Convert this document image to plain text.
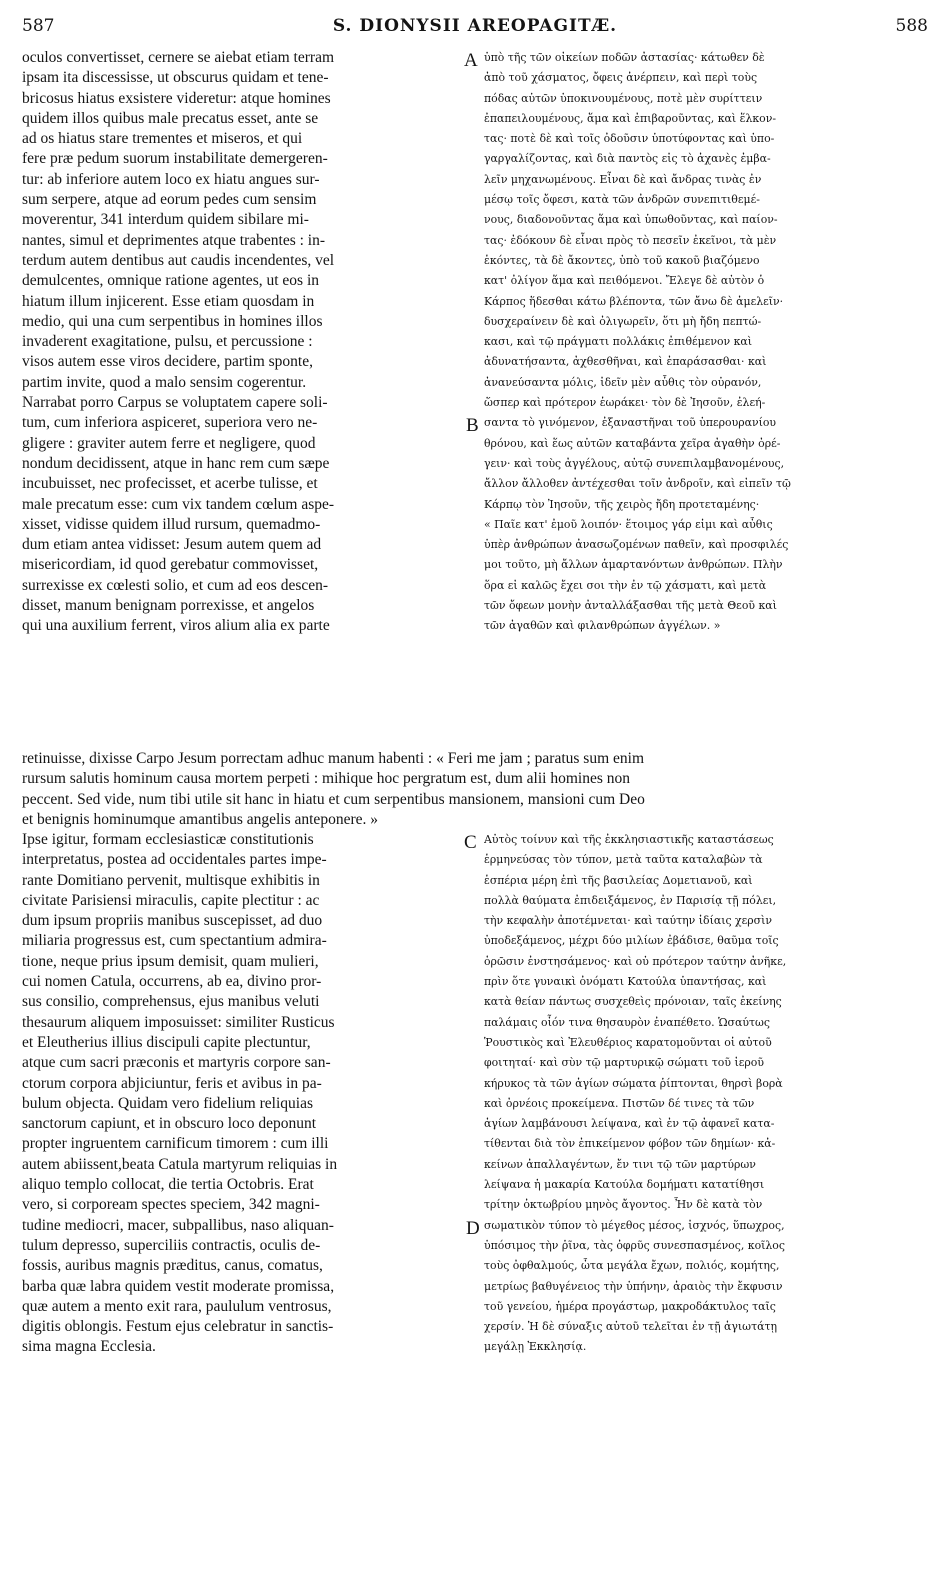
587	S. DIONYSII AREOPAGITÆ.	588
oculos convertisset, cernere se aiebat etiam terram
ipsam ita discessisse, ut obscurus quidam et tene-
bricosus hiatus exsistere videretur: atque homines
quidem illos quibus male precatus esset, ante se
ad os hiatus stare trementes et miseros, et qui
fere præ pedum suorum instabilitate demergeren-
tur: ab inferiore autem loco ex hiatu angues sur-
sum serpere, atque ad eorum pedes cum sensim
moverentur, 341 interdum quidem sibilare mi-
nantes, simul et deprimentes atque trabentes : in-
terdum autem dentibus aut caudis incendentes, vel
demulcentes, omnique ratione agentes, ut eos in
hiatum illum injicerent. Esse etiam quosdam in
medio, qui una cum serpentibus in homines illos
invaderent exagitatione, pulsu, et percussione :
visos autem esse viros decidere, partim sponte,
partim invite, quod a malo sensim cogerentur.
Narrabat porro Carpus se voluptatem capere soli-
tum, cum inferiora aspiceret, superiora vero ne-
gligere : graviter autem ferre et negligere, quod
nondum decidissent, atque in hanc rem cum sæpe
incubuisset, nec profecisset, et acerbe tulisse, et
male precatum esse: cum vix tandem cœlum aspe-
xisset, vidisse quidem illud rursum, quemadmo-
dum etiam antea vidisset: Jesum autem quem ad
misericordiam, id quod gerebatur commovisset,
surrexisse ex cœlesti solio, et cum ad eos descen-
disset, manum benignam porrexisse, et angelos
qui una auxilium ferrent, viros alium alia ex parte
ὑπὸ τῆς τῶν οἰκείων ποδῶν ἀστασίας· κάτωθεν δὲ
ἀπὸ τοῦ χάσματος, ὄφεις ἀνέρπειν, καὶ περὶ τοὺς
πόδας αὐτῶν ὑποκινουμένους, ποτὲ μὲν συρίττειν
ἐπαπειλουμένους, ἅμα καὶ ἐπιβαροῦντας, καὶ ἕλκον-
τας· ποτὲ δὲ καὶ τοῖς ὀδοῦσιν ὑποτύφοντας καὶ ὑπο-
γαργαλίζοντας, καὶ διὰ παντὸς εἰς τὸ ἀχανὲς ἐμβα-
λεῖν μηχανωμένους. Εἶναι δὲ καὶ ἄνδρας τινὰς ἐν
μέσῳ τοῖς ὄφεσι, κατὰ τῶν ἀνδρῶν συνεπιτιθεμέ-
νους, διαδονοῦντας ἅμα καὶ ὑπωθοῦντας, καὶ παίον-
τας· ἐδόκουν δὲ εἶναι πρὸς τὸ πεσεῖν ἐκεῖνοι, τὰ μὲν
ἑκόντες, τὰ δὲ ἄκοντες, ὑπὸ τοῦ κακοῦ βιαζόμενο
κατ' ὀλίγον ἅμα καὶ πειθόμενοι. Ἔλεγε δὲ αὐτὸν ὁ
Κάρπος ἥδεσθαι κάτω βλέποντα, τῶν ἄνω δὲ ἀμελεῖν·
δυσχεραίνειν δὲ καὶ ὀλιγωρεῖν, ὅτι μὴ ἤδη πεπτώ-
κασι, καὶ τῷ πράγματι πολλάκις ἐπιθέμενον καὶ
ἀδυνατήσαντα, ἀχθεσθῆναι, καὶ ἐπαράσασθαι· καὶ
ἀνανεύσαντα μόλις, ἰδεῖν μὲν αὖθις τὸν οὐρανόν,
ὥσπερ καὶ πρότερον ἑωράκει· τὸν δὲ Ἰησοῦν, ἐλεή-
σαντα τὸ γινόμενον, ἐξαναστῆναι τοῦ ὑπερουρανίου
θρόνου, καὶ ἕως αὐτῶν καταβάντα χεῖρα ἀγαθὴν ὀρέ-
γειν· καὶ τοὺς ἀγγέλους, αὐτῷ συνεπιλαμβανομένους,
ἄλλον ἄλλοθεν ἀντέχεσθαι τοῖν ἀνδροῖν, καὶ εἰπεῖν τῷ
Κάρπῳ τὸν Ἰησοῦν, τῆς χειρὸς ἤδη προτεταμένης·
« Παῖε κατ' ἐμοῦ λοιπόν· ἕτοιμος γάρ εἰμι καὶ αὖθις
ὑπὲρ ἀνθρώπων ἀνασωζομένων παθεῖν, καὶ προσφιλές
μοι τοῦτο, μὴ ἄλλων ἁμαρτανόντων ἀνθρώπων. Πλὴν
ὅρα εἰ καλῶς ἔχει σοι τὴν ἐν τῷ χάσματι, καὶ μετὰ
τῶν ὄφεων μονὴν ἀνταλλάξασθαι τῆς μετὰ Θεοῦ καὶ
τῶν ἀγαθῶν καὶ φιλανθρώπων ἀγγέλων. »
A
B
retinuisse, dixisse Carpo Jesum porrectam adhuc manum habenti : « Feri me jam ; paratus sum enim
rursum salutis hominum causa mortem perpeti : mihique hoc pergratum est, dum alii homines non
peccent. Sed vide, num tibi utile sit hanc in hiatu et cum serpentibus mansionem, mansioni cum Deo
et benignis hominumque amantibus angelis anteponere. »
C
D
Ipse igitur, formam ecclesiasticæ constitutionis
interpretatus, postea ad occidentales partes impe-
rante Domitiano pervenit, multisque exhibitis in
civitate Parisiensi miraculis, capite plectitur : ac
dum ipsum propriis manibus suscepisset, ad duo
miliaria progressus est, cum spectantium admira-
tione, neque prius ipsum demisit, quam mulieri,
cui nomen Catula, occurrens, ab ea, divino pror-
sus consilio, comprehensus, ejus manibus veluti
thesaurum aliquem imposuisset: similiter Rusticus
et Eleutherius illius discipuli capite plectuntur,
atque cum sacri præconis et martyris corpore san-
ctorum corpora abjiciuntur, feris et avibus in pa-
bulum objecta. Quidam vero fidelium reliquias
sanctorum capiunt, et in obscuro loco deponunt
propter ingruentem carnificum timorem : cum illi
autem abiissent,beata Catula martyrum reliquias in
aliquo templo collocat, die tertia Octobris. Erat
vero, si corpoream spectes speciem, 342 magni-
tudine mediocri, macer, subpallibus, naso aliquan-
tulum depresso, superciliis contractis, oculis de-
fossis, auribus magnis præditus, canus, comatus,
barba quæ labra quidem vestit moderate promissa,
quæ autem a mento exit rara, paululum ventrosus,
digitis oblongis. Festum ejus celebratur in sanctis-
sima magna Ecclesia.
Αὐτὸς τοίνυν καὶ τῆς ἐκκλησιαστικῆς καταστάσεως
ἑρμηνεύσας τὸν τύπον, μετὰ ταῦτα καταλαβὼν τὰ
ἑσπέρια μέρη ἐπὶ τῆς βασιλείας Δομετιανοῦ, καὶ
πολλὰ θαύματα ἐπιδειξάμενος, ἐν Παρισίᾳ τῇ πόλει,
τὴν κεφαλὴν ἀποτέμνεται· καὶ ταύτην ἰδίαις χερσὶν
ὑποδεξάμενος, μέχρι δύο μιλίων ἐβάδισε, θαῦμα τοῖς
ὁρῶσιν ἐνστησάμενος· καὶ οὐ πρότερον ταύτην ἀνῆκε,
πρὶν ὅτε γυναικὶ ὀνόματι Κατούλα ὑπαντήσας, καὶ
κατὰ θείαν πάντως συσχεθεὶς πρόνοιαν, ταῖς ἐκείνης
παλάμαις οἷόν τινα θησαυρὸν ἐναπέθετο. Ὡσαύτως
Ῥουστικὸς καὶ Ἐλευθέριος καρατομοῦνται οἱ αὐτοῦ
φοιτηταί· καὶ σὺν τῷ μαρτυρικῷ σώματι τοῦ ἱεροῦ
κήρυκος τὰ τῶν ἁγίων σώματα ῥίπτονται, θηρσὶ βορὰ
καὶ ὀρνέοις προκείμενα. Πιστῶν δέ τινες τὰ τῶν
ἁγίων λαμβάνουσι λείψανα, καὶ ἐν τῷ ἀφανεῖ κατα-
τίθενται διὰ τὸν ἐπικείμενον φόβον τῶν δημίων· κἀ-
κείνων ἀπαλλαγέντων, ἔν τινι τῷ τῶν μαρτύρων
λείψανα ἡ μακαρία Κατούλα δομήματι κατατίθησι
τρίτην ὀκτωβρίου μηνὸς ἄγοντος. Ἦν δὲ κατὰ τὸν
σωματικὸν τύπον τὸ μέγεθος μέσος, ἰσχνός, ὕπωχρος,
ὑπόσιμος τὴν ῥῖνα, τὰς ὀφρῦς συνεσπασμένος, κοῖλος
τοὺς ὀφθαλμούς, ὦτα μεγάλα ἔχων, πολιός, κομήτης,
μετρίως βαθυγένειος τὴν ὑπήνην, ἀραιὸς τὴν ἔκφυσιν
τοῦ γενείου, ἡμέρα προγάστωρ, μακροδάκτυλος ταῖς
χερσίν. Ἡ δὲ σύναξις αὐτοῦ τελεῖται ἐν τῇ ἁγιωτάτῃ
μεγάλῃ Ἐκκλησίᾳ.
